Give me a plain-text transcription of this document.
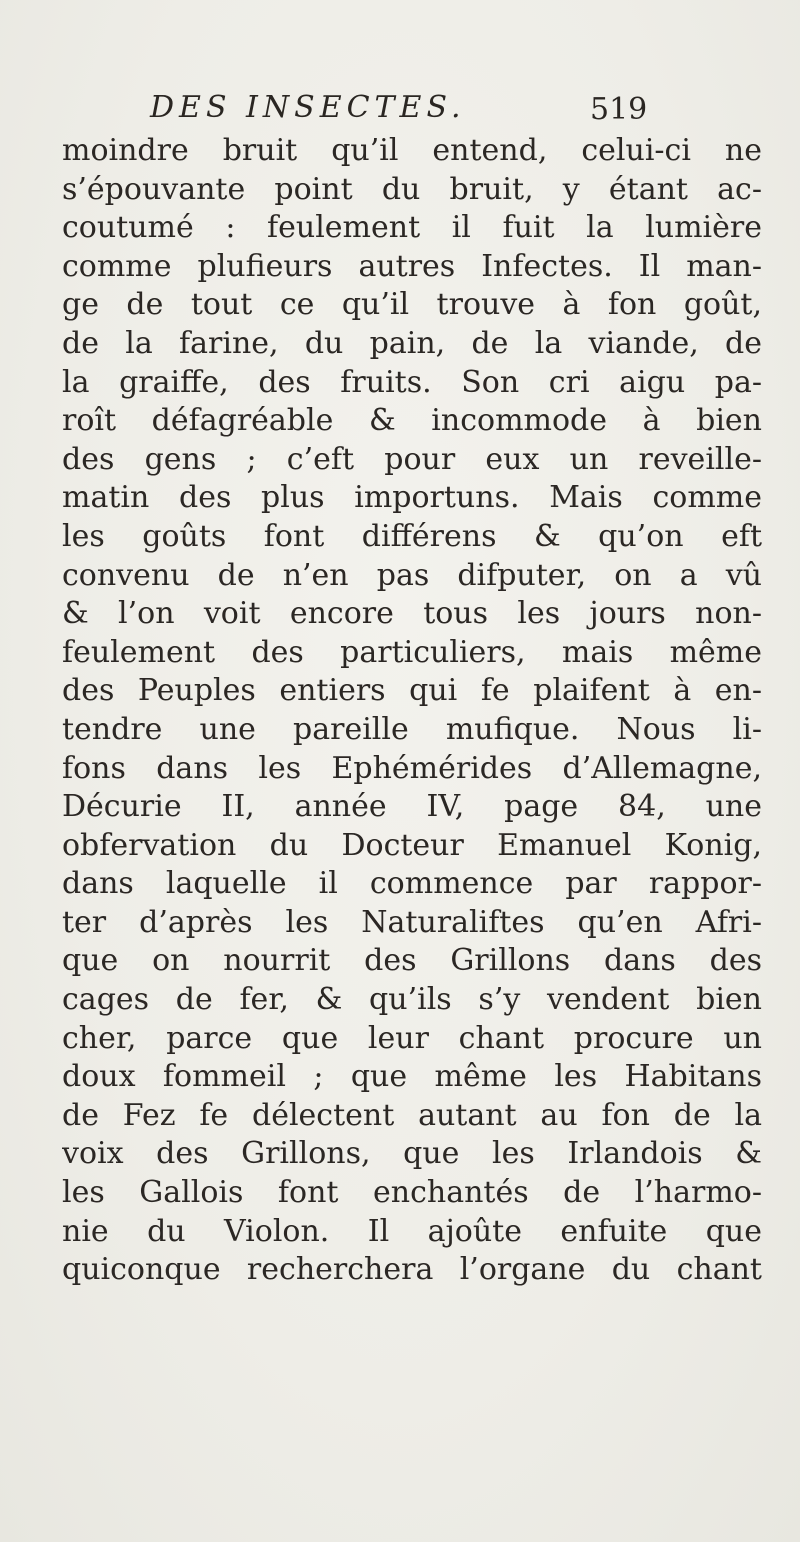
DES INSECTES.	519
moindre bruit qu’il entend, celui-ci ne
s’épouvante point du bruit, y étant ac-
coutumé : feulement il fuit la lumière
comme plufieurs autres Infectes. Il man-
ge de tout ce qu’il trouve à fon goût,
de la farine, du pain, de la viande, de
la graiffe, des fruits. Son cri aigu pa-
roît défagréable & incommode à bien
des gens ; c’eft pour eux un reveille-
matin des plus importuns. Mais comme
les goûts font différens & qu’on eft
convenu de n’en pas difputer, on a vû
& l’on voit encore tous les jours non-
feulement des particuliers, mais même
des Peuples entiers qui fe plaifent à en-
tendre une pareille mufique. Nous li-
fons dans les Ephémérides d’Allemagne,
Décurie II, année IV, page 84, une
obfervation du Docteur Emanuel Konig,
dans laquelle il commence par rappor-
ter d’après les Naturaliftes qu’en Afri-
que on nourrit des Grillons dans des
cages de fer, & qu’ils s’y vendent bien
cher, parce que leur chant procure un
doux fommeil ; que même les Habitans
de Fez fe délectent autant au fon de la
voix des Grillons, que les Irlandois &
les Gallois font enchantés de l’harmo-
nie du Violon. Il ajoûte enfuite que
quiconque recherchera l’organe du chant
